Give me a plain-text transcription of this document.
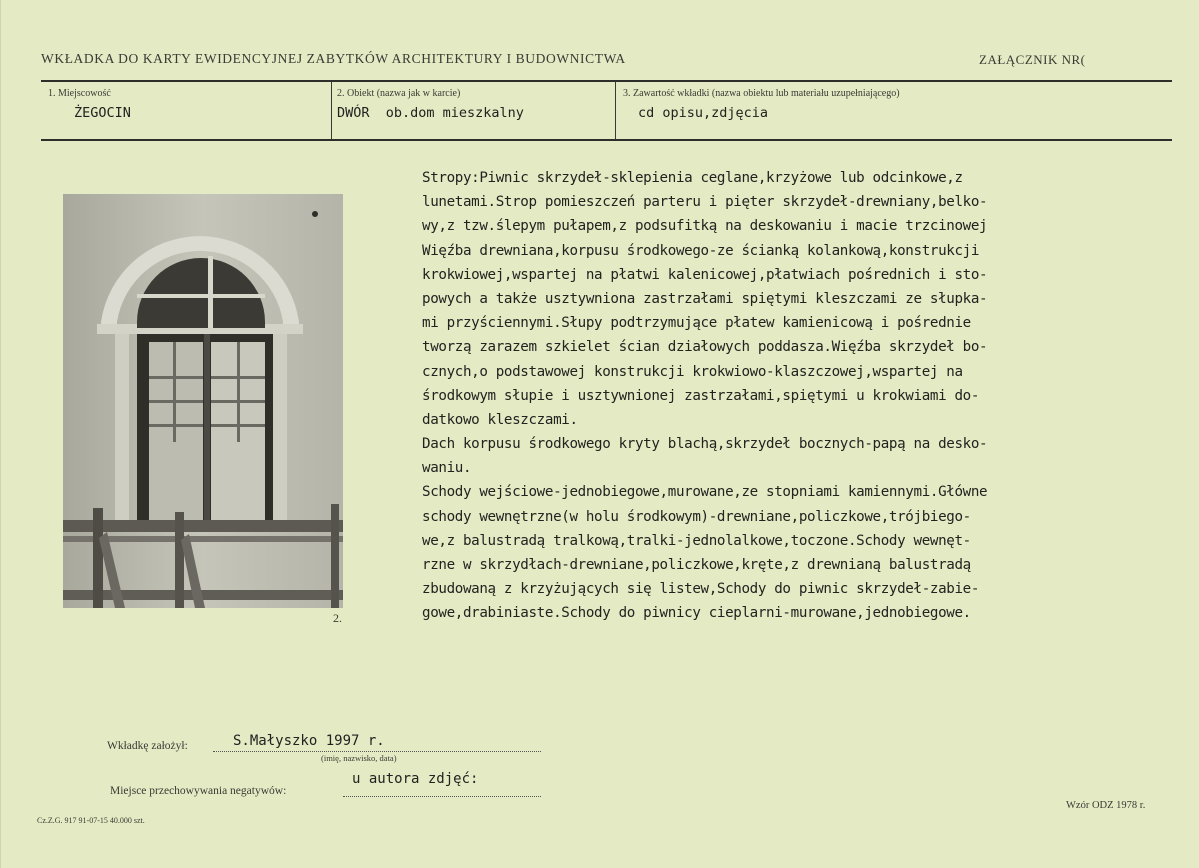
WKŁADKA DO KARTY EWIDENCYJNEJ ZABYTKÓW ARCHITEKTURY I BUDOWNICTWA	ZAŁĄCZNIK NR(
1. Miejscowość
ŻEGOCIN
2. Obiekt (nazwa jak w karcie)
DWÓR  ob.dom mieszkalny
3. Zawartość wkładki (nazwa obiektu lub materiału uzupełniającego)
cd opisu,zdjęcia
2.
Stropy:Piwnic skrzydeł-sklepienia ceglane,krzyżowe lub odcinkowe,z
lunetami.Strop pomieszczeń parteru i pięter skrzydeł-drewniany,belko-
wy,z tzw.ślepym pułapem,z podsufitką na deskowaniu i macie trzcinowej
Więźba drewniana,korpusu środkowego-ze ścianką kolankową,konstrukcji
krokwiowej,wspartej na płatwi kalenicowej,płatwiach pośrednich i sto-
powych a także usztywniona zastrzałami spiętymi kleszczami ze słupka-
mi przyściennymi.Słupy podtrzymujące płatew kamienicową i pośrednie
tworzą zarazem szkielet ścian działowych poddasza.Więźba skrzydeł bo-
cznych,o podstawowej konstrukcji krokwiowo-klaszczowej,wspartej na
środkowym słupie i usztywnionej zastrzałami,spiętymi u krokwiami do-
datkowo kleszczami.
Dach korpusu środkowego kryty blachą,skrzydeł bocznych-papą na desko-
waniu.
Schody wejściowe-jednobiegowe,murowane,ze stopniami kamiennymi.Główne
schody wewnętrzne(w holu środkowym)-drewniane,policzkowe,trójbiego-
we,z balustradą tralkową,tralki-jednolalkowe,toczone.Schody wewnęt-
rzne w skrzydłach-drewniane,policzkowe,kręte,z drewnianą balustradą
zbudowaną z krzyżujących się listew,Schody do piwnic skrzydeł-zabie-
gowe,drabiniaste.Schody do piwnicy cieplarni-murowane,jednobiegowe.
Wkładkę założył:	S.Małyszko 1997 r.
(imię, nazwisko, data)
Miejsce przechowywania negatywów:
u autora zdjęć:
Cz.Z.G. 917 91-07-15 40.000 szt.
Wzór ODZ 1978 r.
